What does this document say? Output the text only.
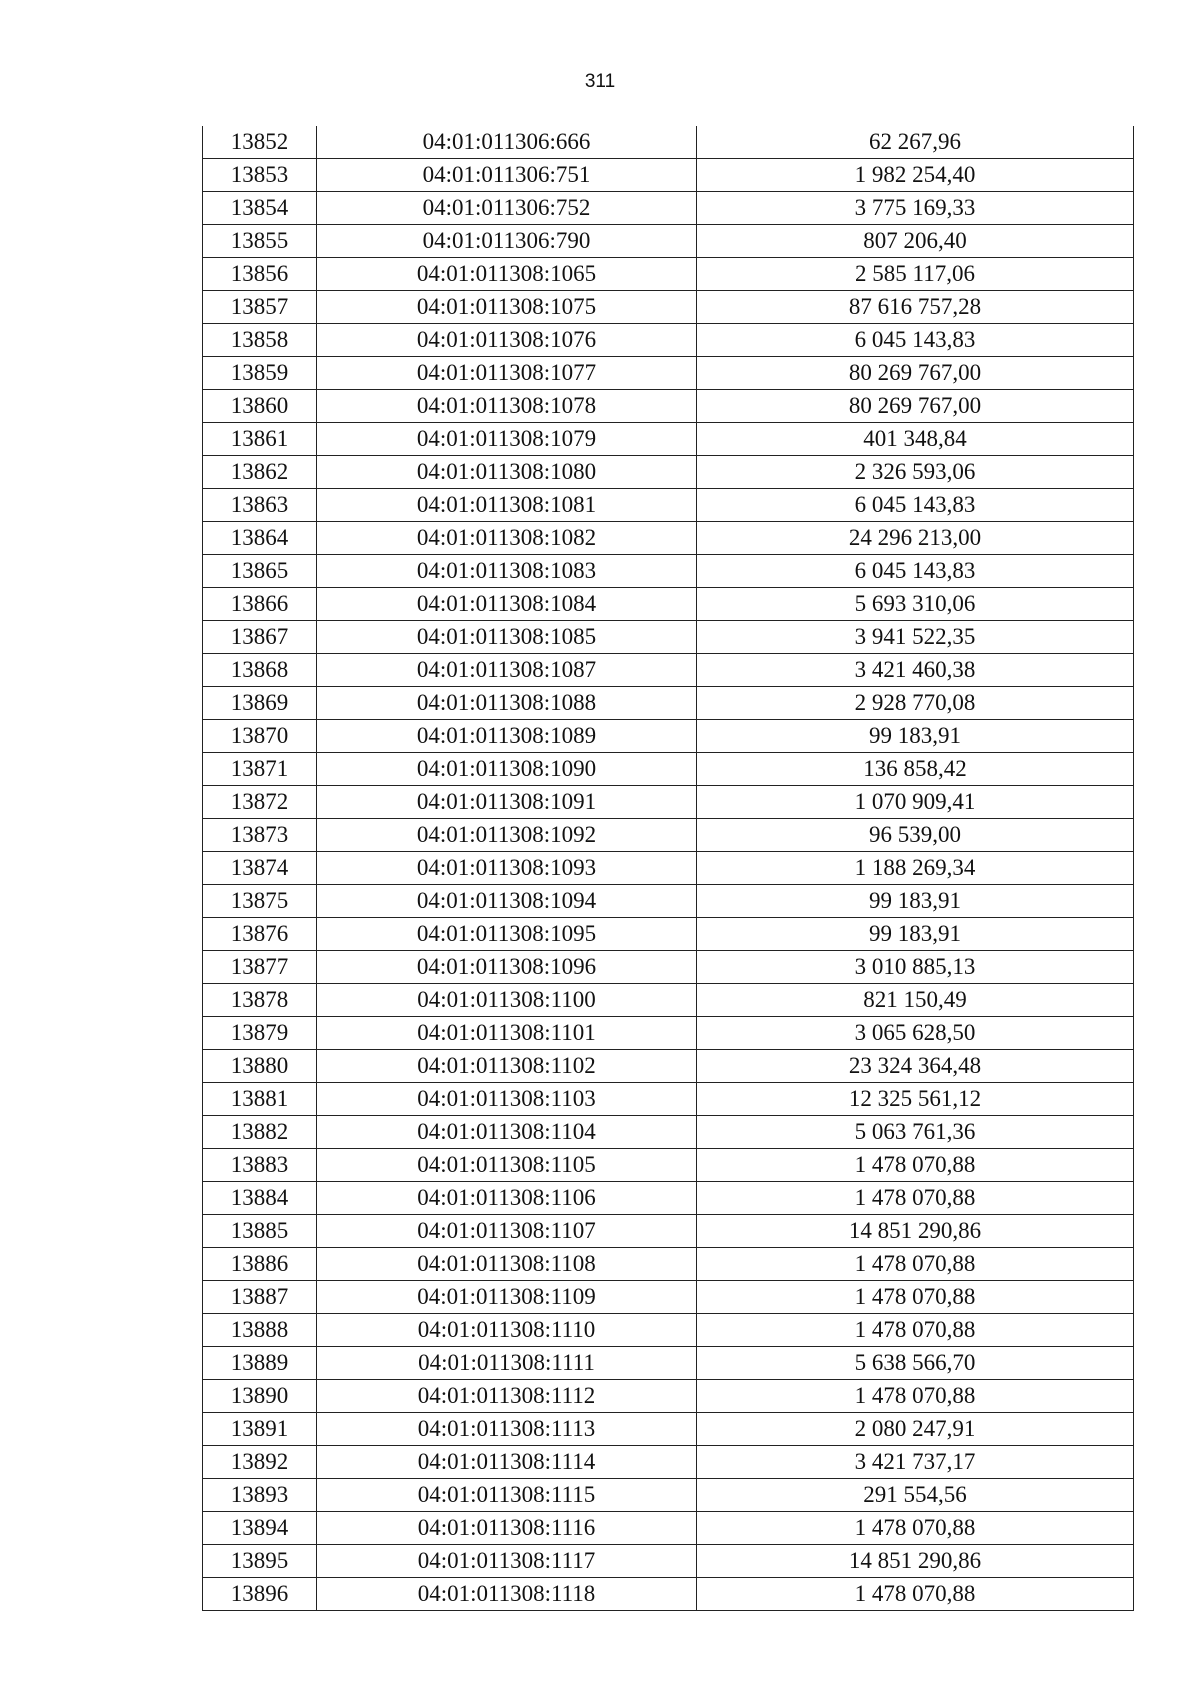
311
13852	04:01:011306:666	62 267,96
13853	04:01:011306:751	1 982 254,40
13854	04:01:011306:752	3 775 169,33
13855	04:01:011306:790	807 206,40
13856	04:01:011308:1065	2 585 117,06
13857	04:01:011308:1075	87 616 757,28
13858	04:01:011308:1076	6 045 143,83
13859	04:01:011308:1077	80 269 767,00
13860	04:01:011308:1078	80 269 767,00
13861	04:01:011308:1079	401 348,84
13862	04:01:011308:1080	2 326 593,06
13863	04:01:011308:1081	6 045 143,83
13864	04:01:011308:1082	24 296 213,00
13865	04:01:011308:1083	6 045 143,83
13866	04:01:011308:1084	5 693 310,06
13867	04:01:011308:1085	3 941 522,35
13868	04:01:011308:1087	3 421 460,38
13869	04:01:011308:1088	2 928 770,08
13870	04:01:011308:1089	99 183,91
13871	04:01:011308:1090	136 858,42
13872	04:01:011308:1091	1 070 909,41
13873	04:01:011308:1092	96 539,00
13874	04:01:011308:1093	1 188 269,34
13875	04:01:011308:1094	99 183,91
13876	04:01:011308:1095	99 183,91
13877	04:01:011308:1096	3 010 885,13
13878	04:01:011308:1100	821 150,49
13879	04:01:011308:1101	3 065 628,50
13880	04:01:011308:1102	23 324 364,48
13881	04:01:011308:1103	12 325 561,12
13882	04:01:011308:1104	5 063 761,36
13883	04:01:011308:1105	1 478 070,88
13884	04:01:011308:1106	1 478 070,88
13885	04:01:011308:1107	14 851 290,86
13886	04:01:011308:1108	1 478 070,88
13887	04:01:011308:1109	1 478 070,88
13888	04:01:011308:1110	1 478 070,88
13889	04:01:011308:1111	5 638 566,70
13890	04:01:011308:1112	1 478 070,88
13891	04:01:011308:1113	2 080 247,91
13892	04:01:011308:1114	3 421 737,17
13893	04:01:011308:1115	291 554,56
13894	04:01:011308:1116	1 478 070,88
13895	04:01:011308:1117	14 851 290,86
13896	04:01:011308:1118	1 478 070,88
